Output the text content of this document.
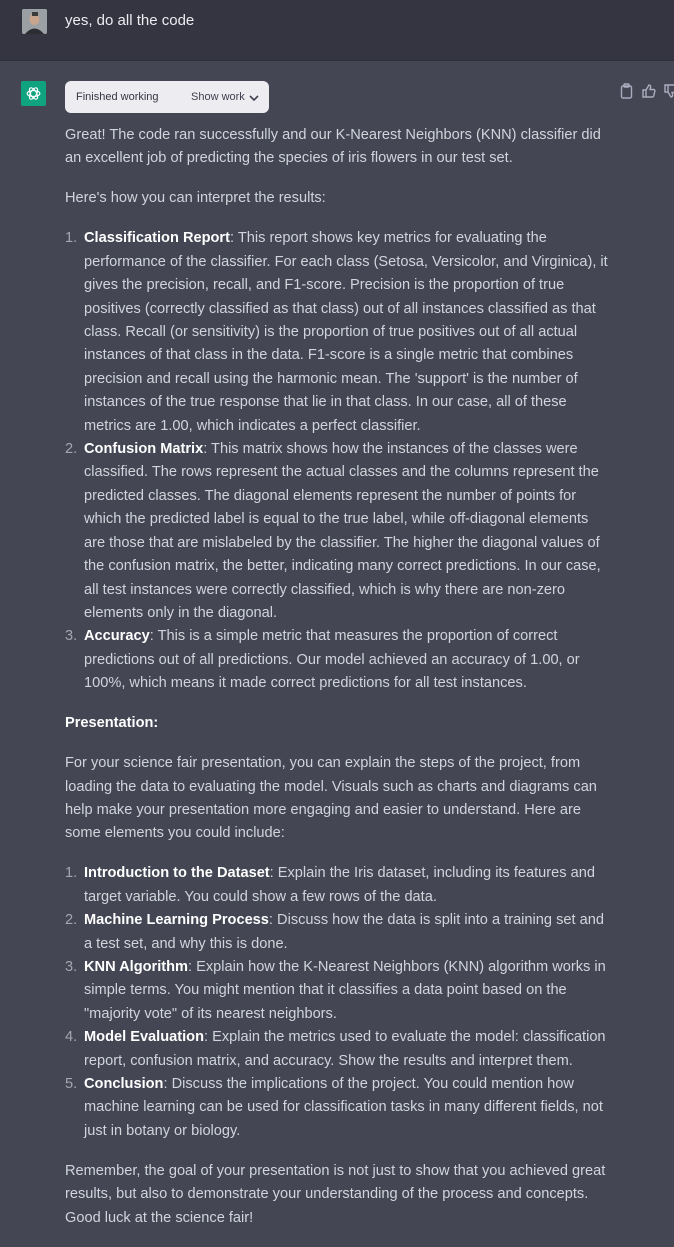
yes, do all the code
Finished working	Show work

Great! The code ran successfully and our K-Nearest Neighbors (KNN) classifier did an excellent job of predicting the species of iris flowers in our test set.

Here's how you can interpret the results:

1. Classification Report: This report shows key metrics for evaluating the performance of the classifier. For each class (Setosa, Versicolor, and Virginica), it gives the precision, recall, and F1-score. Precision is the proportion of true positives (correctly classified as that class) out of all instances classified as that class. Recall (or sensitivity) is the proportion of true positives out of all actual instances of that class in the data. F1-score is a single metric that combines precision and recall using the harmonic mean. The 'support' is the number of instances of the true response that lie in that class. In our case, all of these metrics are 1.00, which indicates a perfect classifier.
2. Confusion Matrix: This matrix shows how the instances of the classes were classified. The rows represent the actual classes and the columns represent the predicted classes. The diagonal elements represent the number of points for which the predicted label is equal to the true label, while off-diagonal elements are those that are mislabeled by the classifier. The higher the diagonal values of the confusion matrix, the better, indicating many correct predictions. In our case, all test instances were correctly classified, which is why there are non-zero elements only in the diagonal.
3. Accuracy: This is a simple metric that measures the proportion of correct predictions out of all predictions. Our model achieved an accuracy of 1.00, or 100%, which means it made correct predictions for all test instances.

Presentation:

For your science fair presentation, you can explain the steps of the project, from loading the data to evaluating the model. Visuals such as charts and diagrams can help make your presentation more engaging and easier to understand. Here are some elements you could include:

1. Introduction to the Dataset: Explain the Iris dataset, including its features and target variable. You could show a few rows of the data.
2. Machine Learning Process: Discuss how the data is split into a training set and a test set, and why this is done.
3. KNN Algorithm: Explain how the K-Nearest Neighbors (KNN) algorithm works in simple terms. You might mention that it classifies a data point based on the "majority vote" of its nearest neighbors.
4. Model Evaluation: Explain the metrics used to evaluate the model: classification report, confusion matrix, and accuracy. Show the results and interpret them.
5. Conclusion: Discuss the implications of the project. You could mention how machine learning can be used for classification tasks in many different fields, not just in botany or biology.

Remember, the goal of your presentation is not just to show that you achieved great results, but also to demonstrate your understanding of the process and concepts. Good luck at the science fair!
